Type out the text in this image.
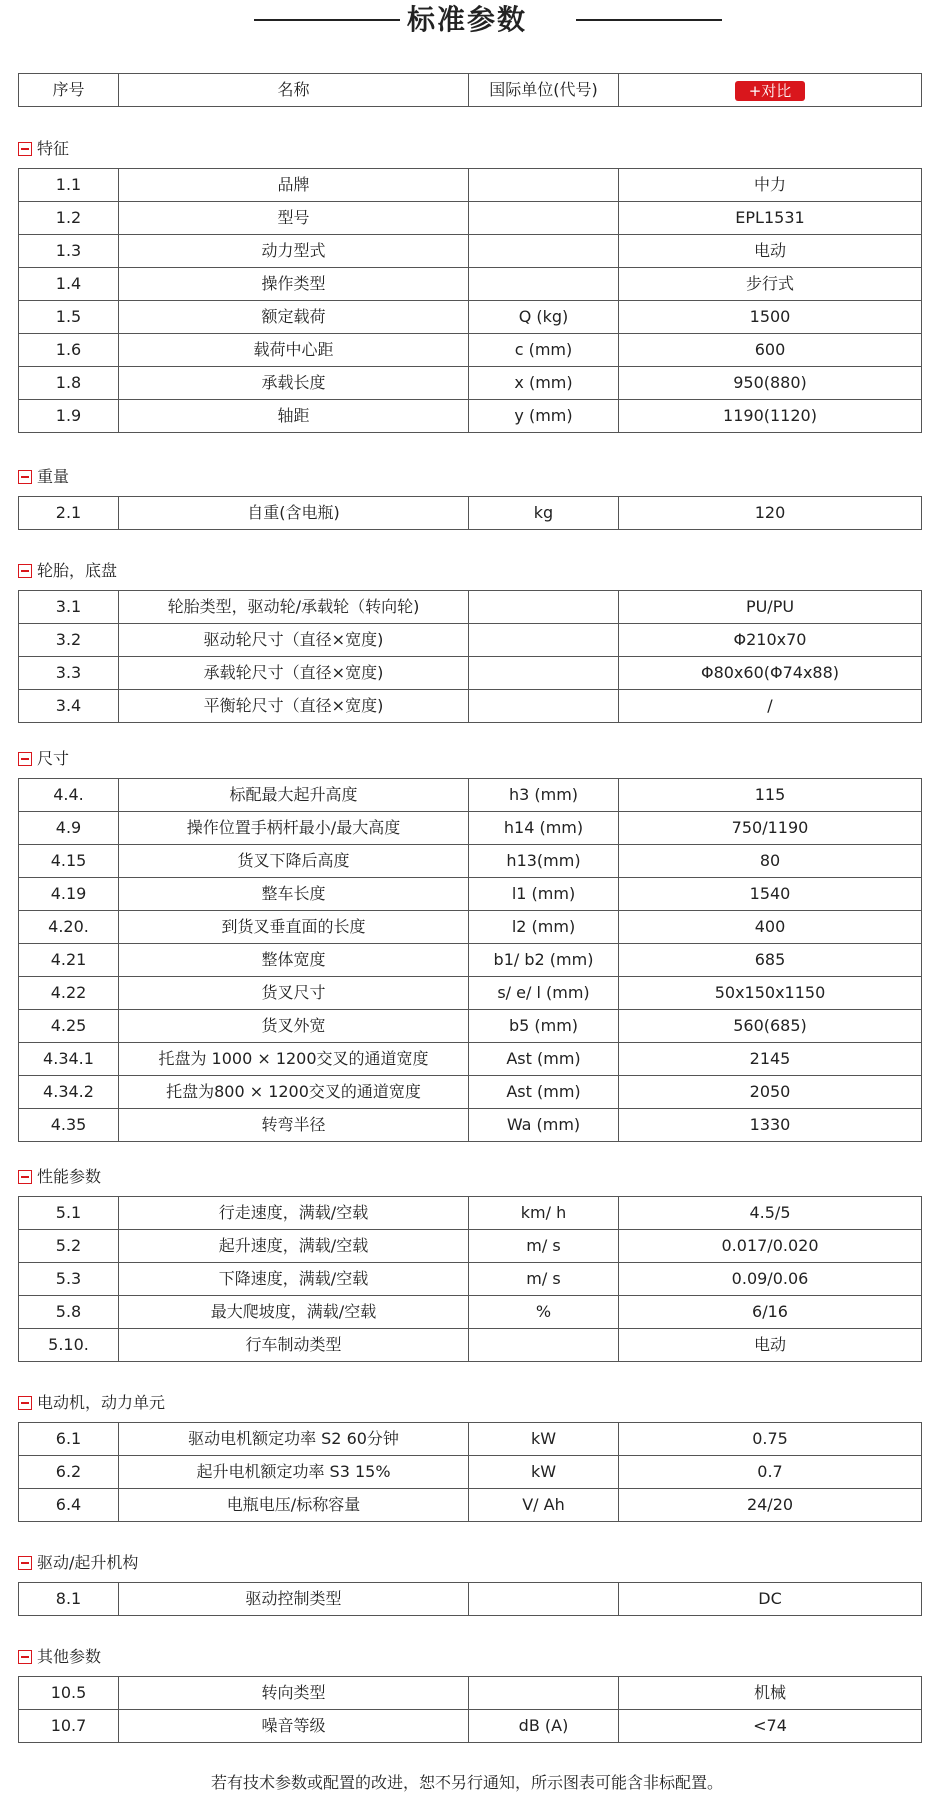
标准参数
序号	名称	国际单位(代号)	+对比
特征
1.1	品牌		中力
1.2	型号		EPL1531
1.3	动力型式		电动
1.4	操作类型		步行式
1.5	额定载荷	Q (kg)	1500
1.6	载荷中心距	c (mm)	600
1.8	承载长度	x (mm)	950(880)
1.9	轴距	y (mm)	1190(1120)
重量
2.1	自重(含电瓶)	kg	120
轮胎，底盘
3.1	轮胎类型，驱动轮/承载轮（转向轮)		PU/PU
3.2	驱动轮尺寸（直径×宽度)		Φ210x70
3.3	承载轮尺寸（直径×宽度)		Φ80x60(Φ74x88)
3.4	平衡轮尺寸（直径×宽度)		/
尺寸
4.4.	标配最大起升高度	h3 (mm)	115
4.9	操作位置手柄杆最小/最大高度	h14 (mm)	750/1190
4.15	货叉下降后高度	h13(mm)	80
4.19	整车长度	l1 (mm)	1540
4.20.	到货叉垂直面的长度	l2 (mm)	400
4.21	整体宽度	b1/ b2 (mm)	685
4.22	货叉尺寸	s/ e/ l (mm)	50x150x1150
4.25	货叉外宽	b5 (mm)	560(685)
4.34.1	托盘为 1000 × 1200交叉的通道宽度	Ast (mm)	2145
4.34.2	托盘为800 × 1200交叉的通道宽度	Ast (mm)	2050
4.35	转弯半径	Wa (mm)	1330
性能参数
5.1	行走速度，满载/空载	km/ h	4.5/5
5.2	起升速度，满载/空载	m/ s	0.017/0.020
5.3	下降速度，满载/空载	m/ s	0.09/0.06
5.8	最大爬坡度，满载/空载	%	6/16
5.10.	行车制动类型		电动
电动机，动力单元
6.1	驱动电机额定功率 S2 60分钟	kW	0.75
6.2	起升电机额定功率 S3 15%	kW	0.7
6.4	电瓶电压/标称容量	V/ Ah	24/20
驱动/起升机构
8.1	驱动控制类型		DC
其他参数
10.5	转向类型		机械
10.7	噪音等级	dB (A)	<74
若有技术参数或配置的改进，恕不另行通知，所示图表可能含非标配置。
